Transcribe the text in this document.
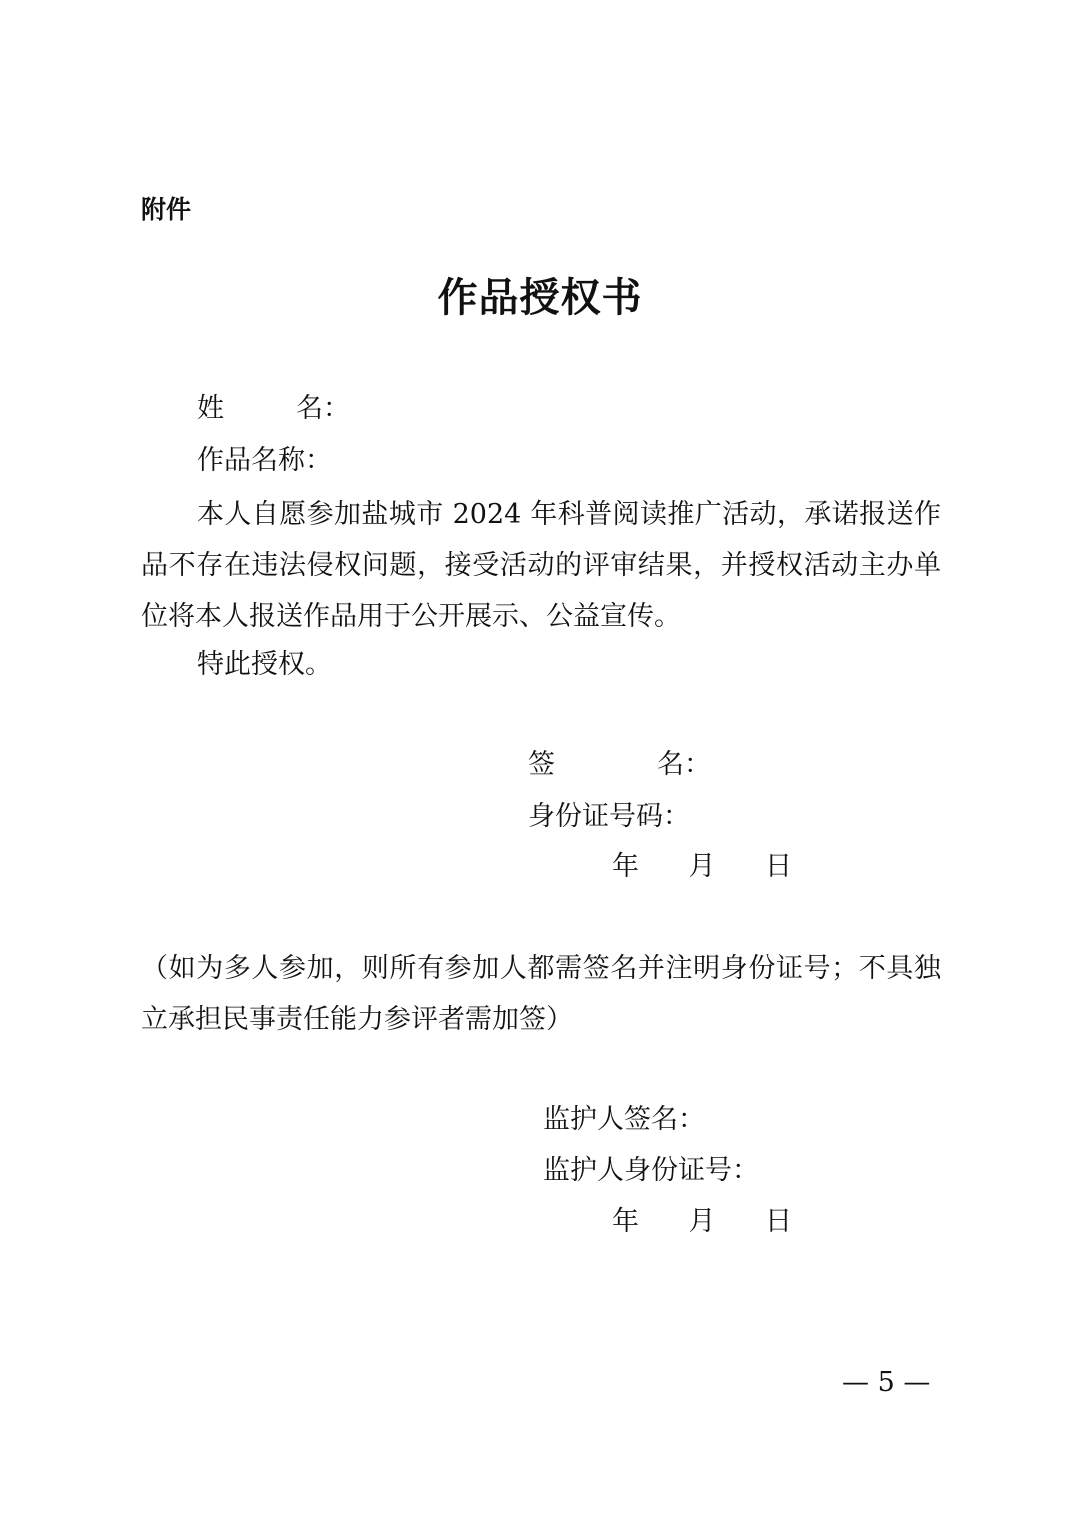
附件
作品授权书
姓	名 ：
作品名称：

本人自愿参加盐城市 2024 年科普阅读推广活动，承诺报送作品不存在违法侵权问题，接受活动的评审结果，并授权活动主办单位将本人报送作品用于公开展示、公益宣传。

特此授权。
签	名 ：
身份证号码：
年 月 日

（如为多人参加，则所有参加人都需签名并注明身份证号；不具独立承担民事责任能力参评者需加签）

监护人签名：
监护人身份证号：
年 月 日
— 5 —
